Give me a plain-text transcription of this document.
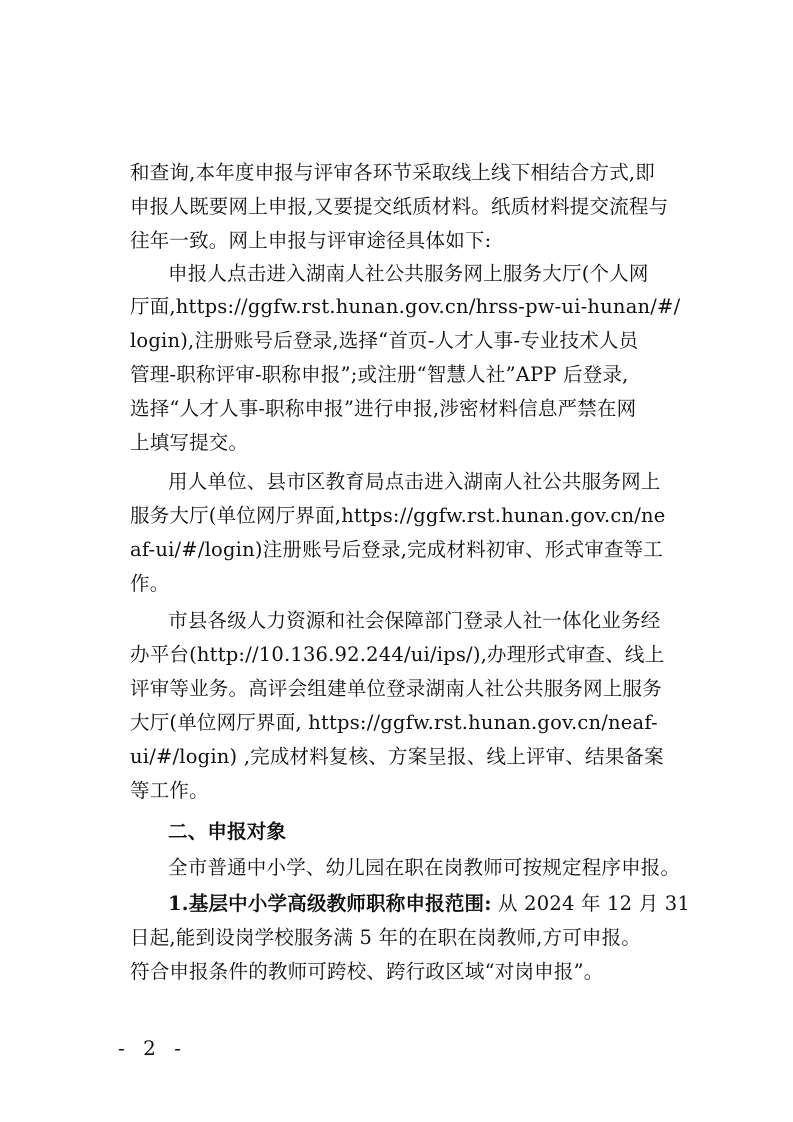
和查询,本年度申报与评审各环节采取线上线下相结合方式,即
申报人既要网上申报,又要提交纸质材料。纸质材料提交流程与
往年一致。网上申报与评审途径具体如下:
申报人点击进入湖南人社公共服务网上服务大厅(个人网
厅面,https://ggfw.rst.hunan.gov.cn/hrss-pw-ui-hunan/#/
login),注册账号后登录,选择“首页-人才人事-专业技术人员
管理-职称评审-职称申报”;或注册“智慧人社”APP 后登录,
选择“人才人事-职称申报”进行申报,涉密材料信息严禁在网
上填写提交。
用人单位、县市区教育局点击进入湖南人社公共服务网上
服务大厅(单位网厅界面,https://ggfw.rst.hunan.gov.cn/ne
af-ui/#/login)注册账号后登录,完成材料初审、形式审查等工
作。
市县各级人力资源和社会保障部门登录人社一体化业务经
办平台(http://10.136.92.244/ui/ips/),办理形式审查、线上
评审等业务。高评会组建单位登录湖南人社公共服务网上服务
大厅(单位网厅界面, https://ggfw.rst.hunan.gov.cn/neaf-
ui/#/login) ,完成材料复核、方案呈报、线上评审、结果备案
等工作。
二、申报对象
全市普通中小学、幼儿园在职在岗教师可按规定程序申报。
1.基层中小学高级教师职称申报范围: 从 2024 年 12 月 31
日起,能到设岗学校服务满 5 年的在职在岗教师,方可申报。
符合申报条件的教师可跨校、跨行政区域“对岗申报”。
- 2 -
